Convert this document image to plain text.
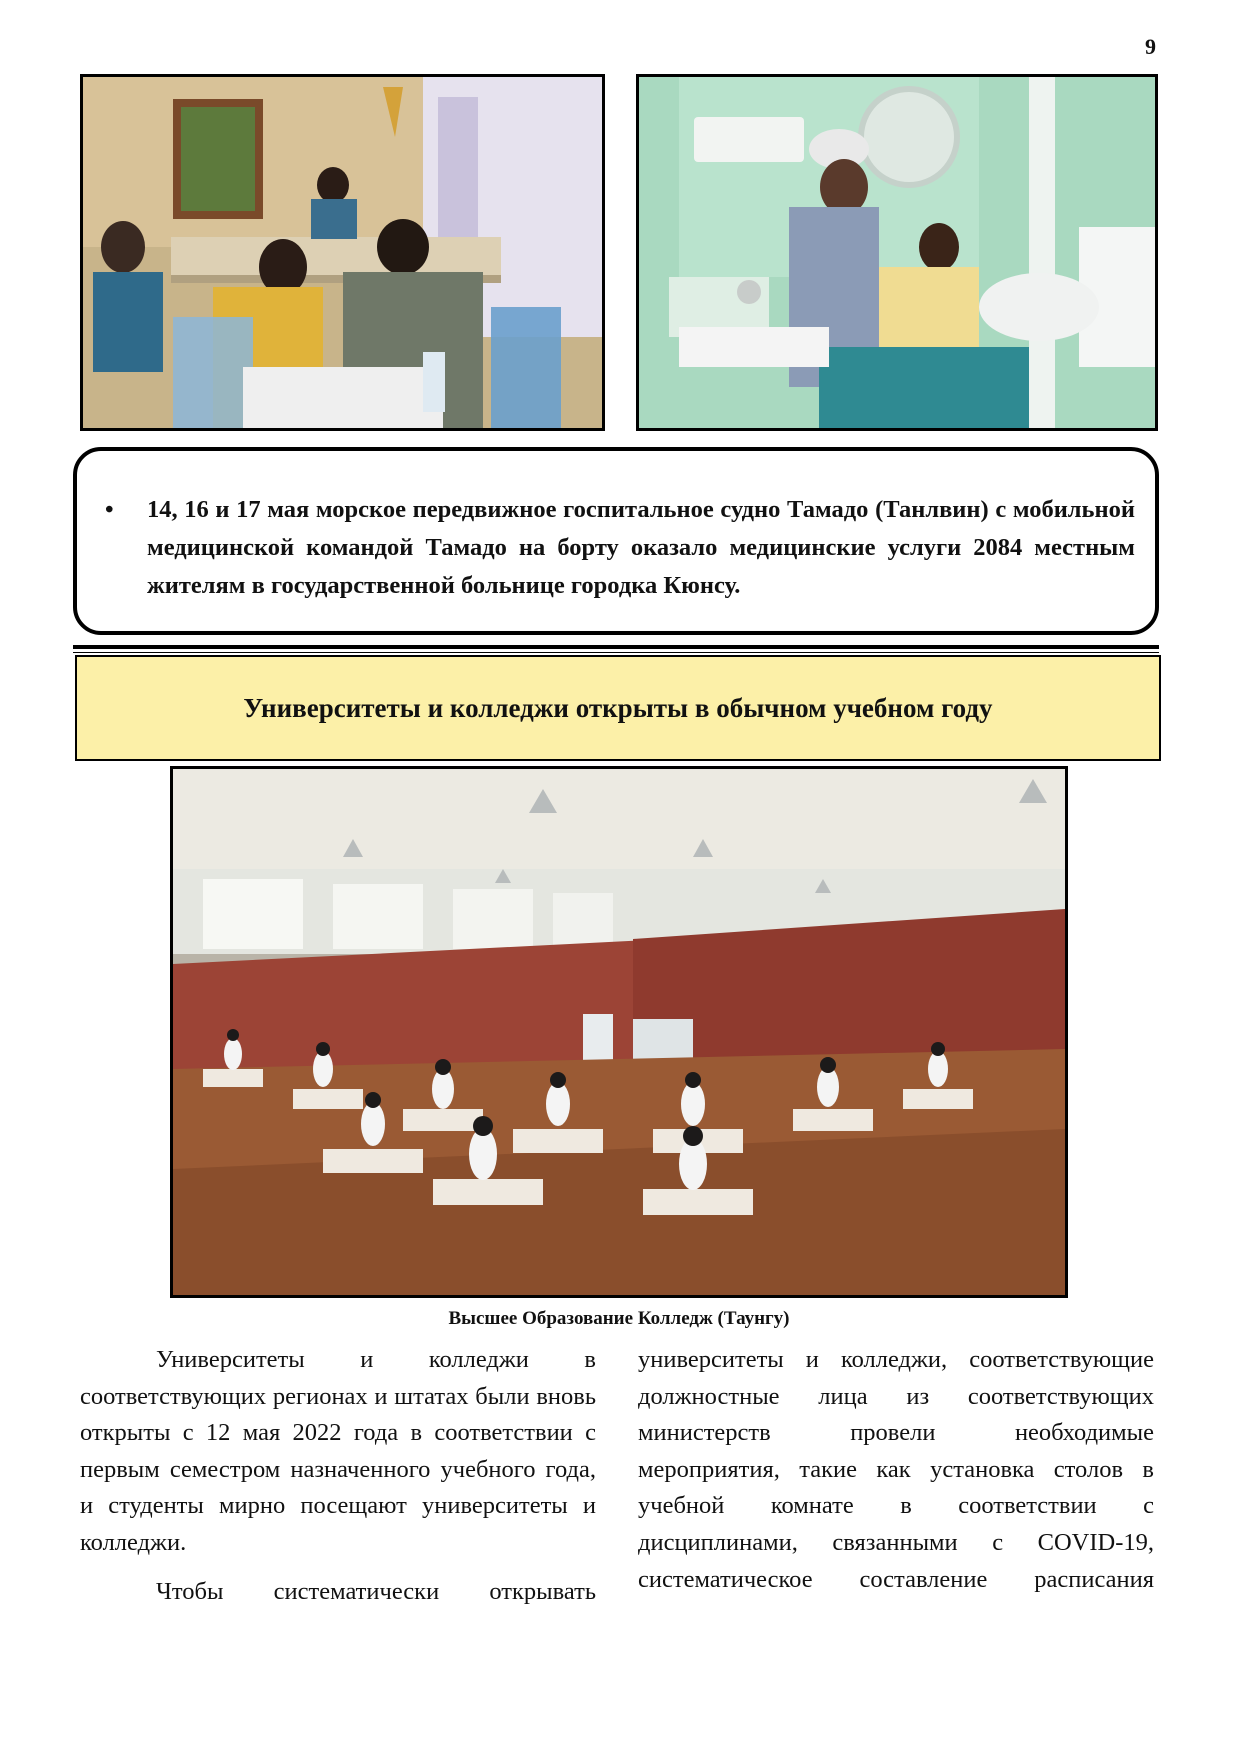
9
• 14, 16 и 17 мая морское передвижное госпитальное судно Тамадо (Танлвин) с мобильной медицинской командой Тамадо на борту оказало медицинские услуги 2084 местным жителям в государственной больнице городка Кюнсу.
Университеты и колледжи открыты в обычном учебном году
Высшее Образование Колледж (Таунгу)

Университеты и колледжи в соответствующих регионах и штатах были вновь открыты с 12 мая 2022 года в соответствии с первым семестром назначенного учебного года, и студенты мирно посещают университеты и колледжи.

Чтобы систематически открывать

университеты и колледжи, соответствующие должностные лица из соответствующих министерств провели необходимые мероприятия, такие как установка столов в учебной комнате в соответствии с дисциплинами, связанными с COVID-19, систематическое составление расписания
